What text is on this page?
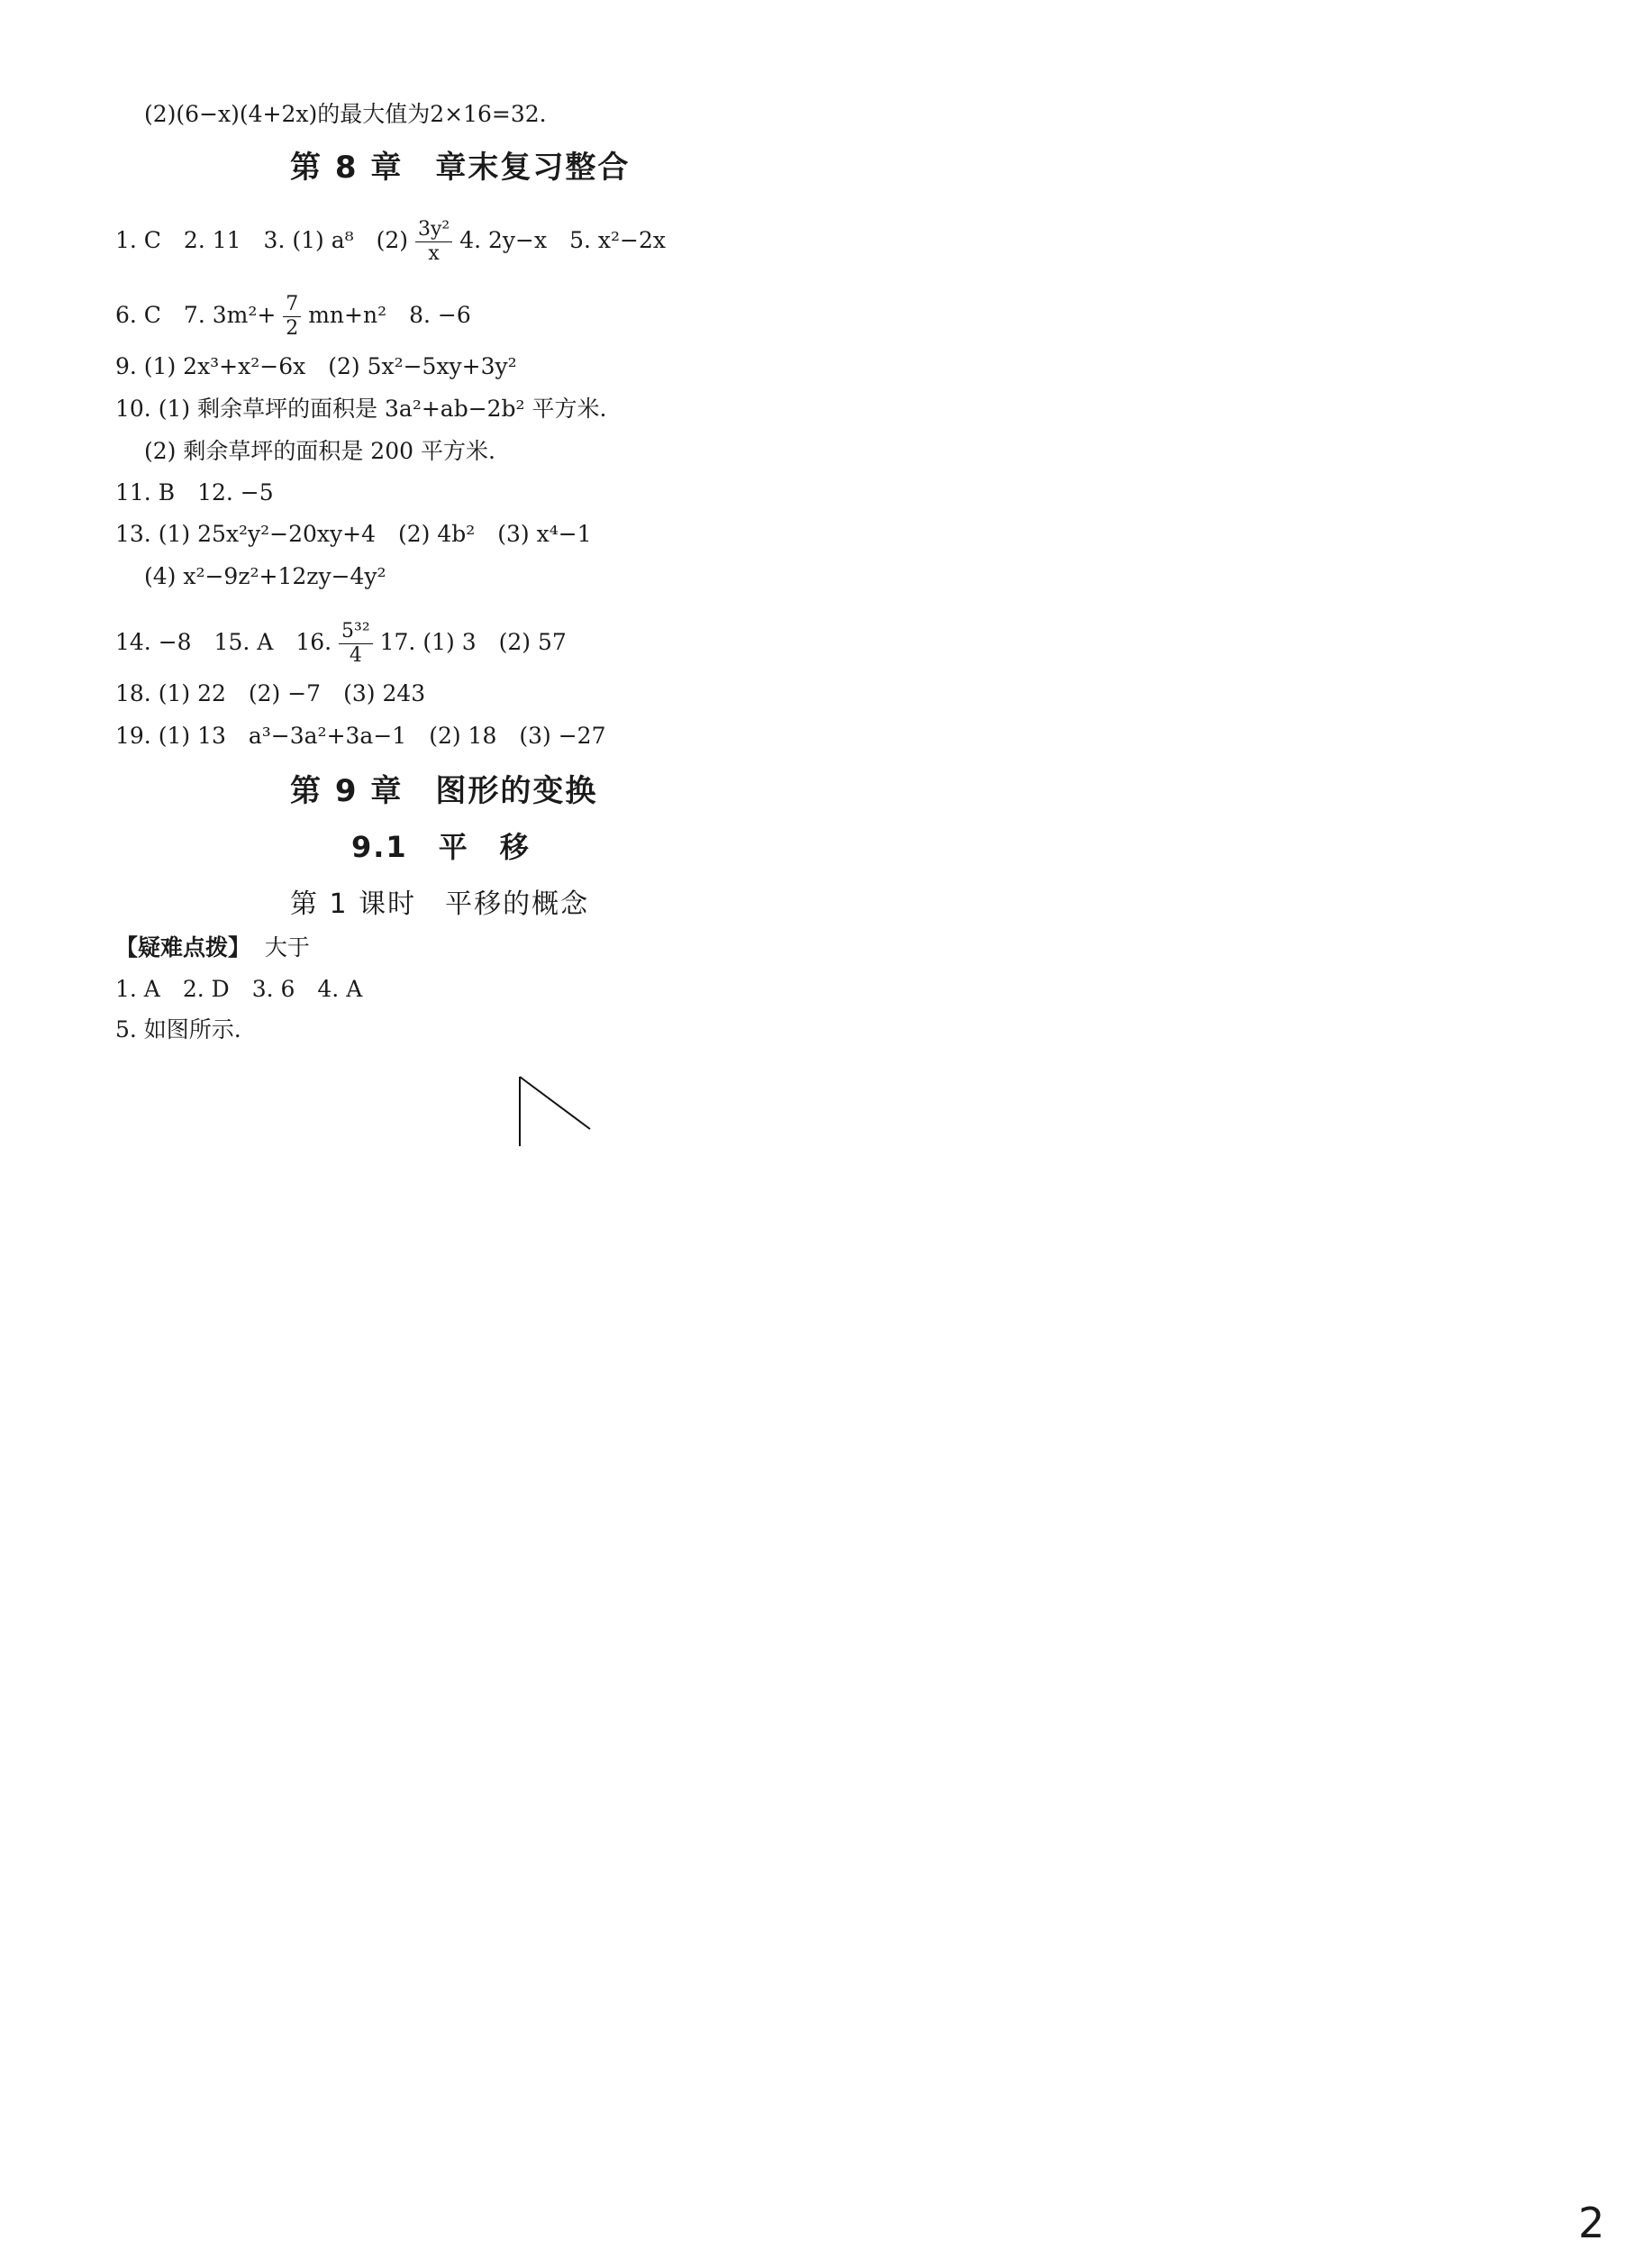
(2)(6−x)(4+2x)的最大值为2×16=32.
第 8 章　章末复习整合
1. C　2. 11　3. (1) a⁸　$(2) \frac{\text{3y²}}{x} 4$. 2y−x　5. x²−2x
6. C　7. $3m^2+ \frac{7}{2} mn+n^2$　8. −6
9. (1) 2x³+x²−6x　(2) 5x²−5xy+3y²
10. (1) 剩余草坪的面积是 3a²+ab−2b² 平方米.
(2) 剩余草坪的面积是 200 平方米.
11. B　12. −5
13. (1) 25x²y²−20xy+4　(2) 4b²　(3) x⁴−1
(4) x²−9z²+12zy−4y²
14. −8　15. A　16. $\frac{\text{5³²}}{4} 17$. (1) 3　(2) 57
18. (1) 22　(2) −7　(3) 243
19. (1) 13　a³−3a²+3a−1　(2) 18　(3) −27
第 9 章　图形的变换
9.1　平　移
第 1 课时　平移的概念
【疑难点拨】 大于
1. A　2. D　3. 6　4. A
5. 如图所示.
2
